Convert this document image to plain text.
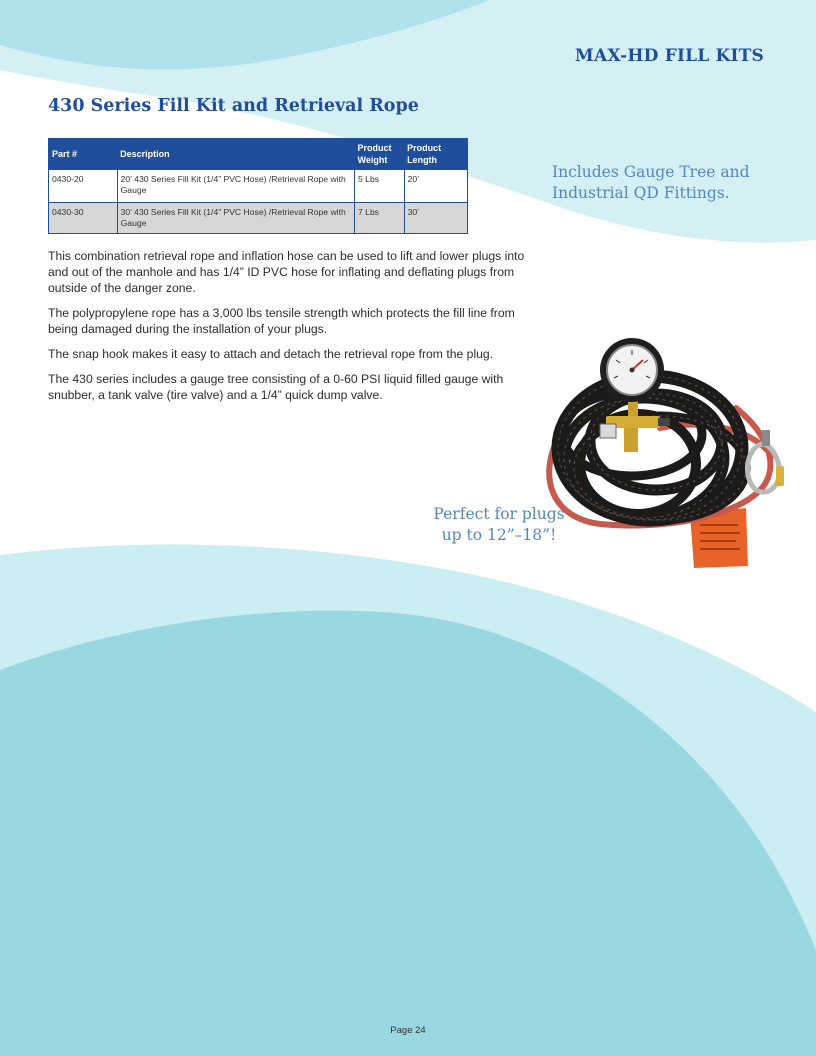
MAX-HD FILL KITS
430 Series Fill Kit and Retrieval Rope
Part #	Description	Product Weight	Product Length
0430-20	20’ 430 Series Fill Kit (1/4” PVC Hose) /Retrieval Rope with Gauge	5 Lbs	20’
0430-30	30’ 430 Series Fill Kit (1/4” PVC Hose) /Retrieval Rope with Gauge	7 Lbs	30’
Includes Gauge Tree and Industrial QD Fittings.

This combination retrieval rope and inflation hose can be used to lift and lower plugs into and out of the manhole and has 1/4” ID PVC hose for inflating and deflating plugs from outside of the danger zone.

The polypropylene rope has a 3,000 lbs tensile strength which protects the fill line from being damaged during the installation of your plugs.

The snap hook makes it easy to attach and detach the retrieval rope from the plug.

The 430 series includes a gauge tree consisting of a 0-60 PSI liquid filled gauge with snubber, a tank valve (tire valve) and a 1/4” quick dump valve.

Perfect for plugs up to 12”–18”!
Page 24
